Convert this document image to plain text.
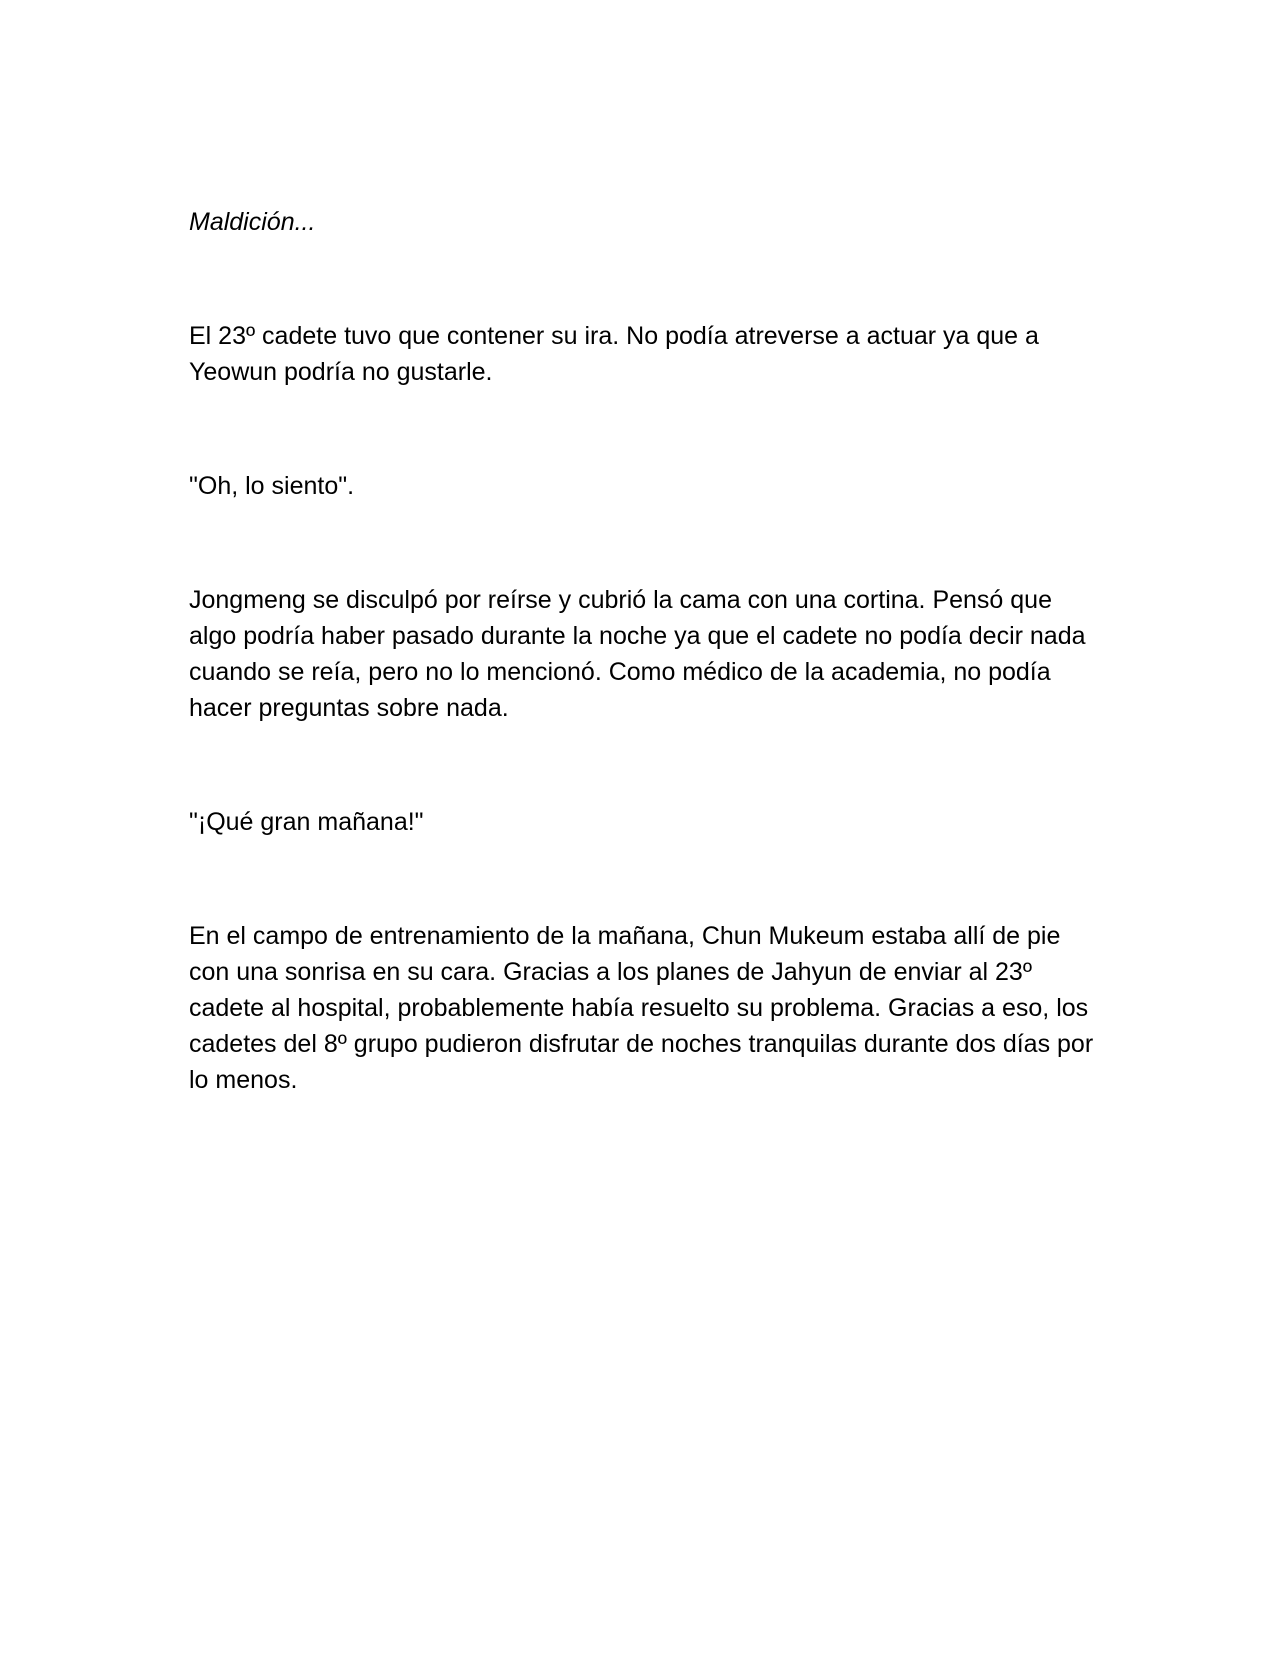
Maldición...

El 23º cadete tuvo que contener su ira. No podía atreverse a actuar ya que a Yeowun podría no gustarle.

"Oh, lo siento".

Jongmeng se disculpó por reírse y cubrió la cama con una cortina. Pensó que algo podría haber pasado durante la noche ya que el cadete no podía decir nada cuando se reía, pero no lo mencionó. Como médico de la academia, no podía hacer preguntas sobre nada.

"¡Qué gran mañana!"

En el campo de entrenamiento de la mañana, Chun Mukeum estaba allí de pie con una sonrisa en su cara. Gracias a los planes de Jahyun de enviar al 23º cadete al hospital, probablemente había resuelto su problema. Gracias a eso, los cadetes del 8º grupo pudieron disfrutar de noches tranquilas durante dos días por lo menos.
